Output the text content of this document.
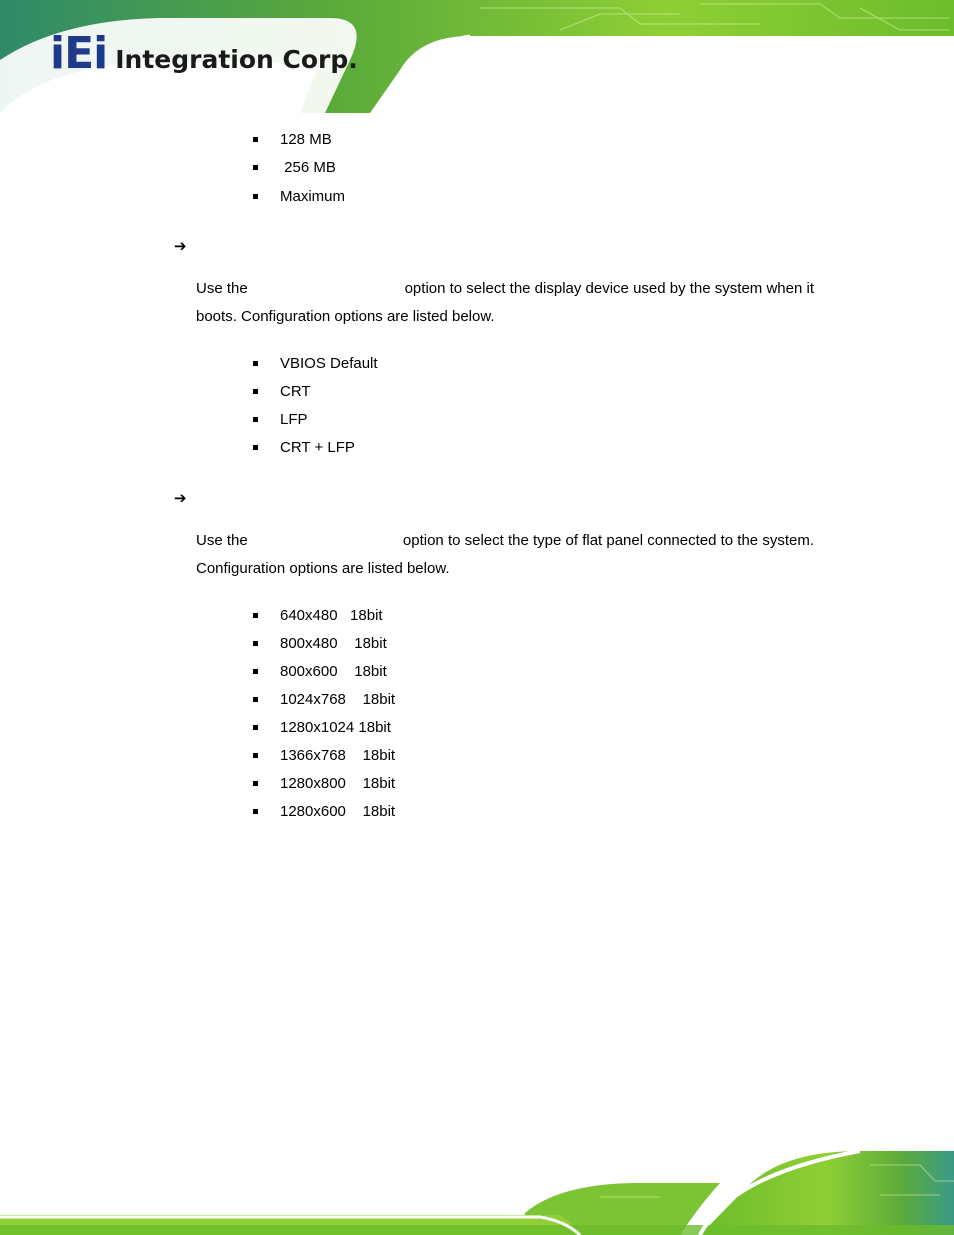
iEi Integration Corp.
128 MB
256 MB
Maximum
➔
Use the	option to select the display device used by the system when it
boots. Configuration options are listed below.
VBIOS Default
CRT
LFP
CRT + LFP
➔
Use the	option to select the type of flat panel connected to the system.
Configuration options are listed below.
640x480   18bit
800x480    18bit
800x600    18bit
1024x768    18bit
1280x1024 18bit
1366x768    18bit
1280x800    18bit
1280x600    18bit
